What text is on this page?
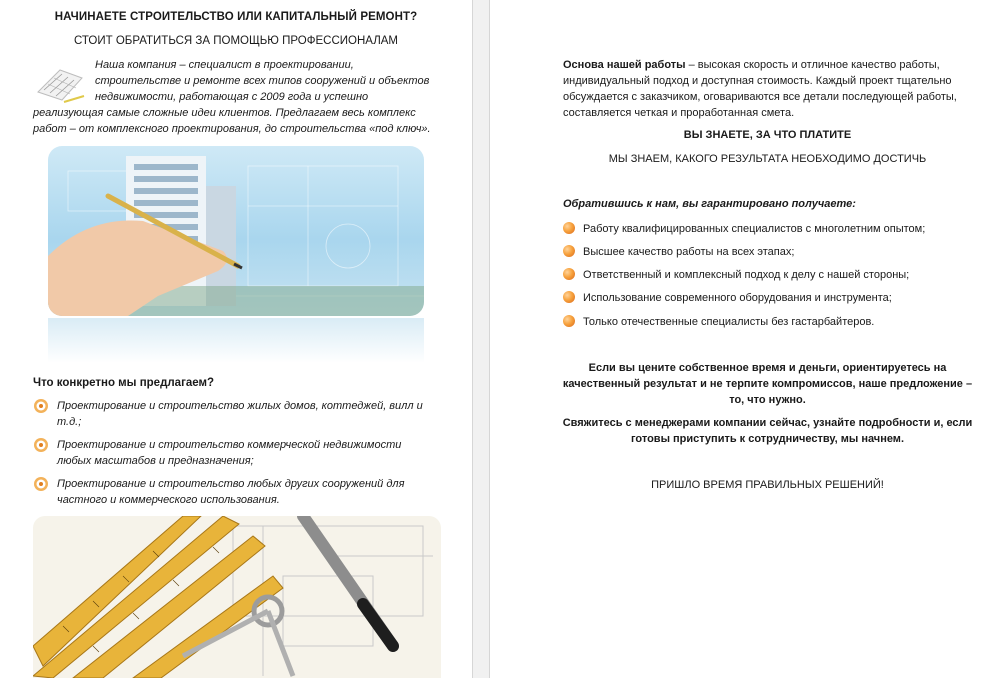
НАЧИНАЕТЕ СТРОИТЕЛЬСТВО ИЛИ КАПИТАЛЬНЫЙ РЕМОНТ?
СТОИТ ОБРАТИТЬСЯ ЗА ПОМОЩЬЮ ПРОФЕССИОНАЛАМ
Наша компания – специалист в проектировании,
строительстве и ремонте всех типов сооружений и объектов
недвижимости, работающая с 2009 года и успешно
реализующая самые сложные идеи клиентов. Предлагаем весь комплекс
работ – от комплексного проектирования, до строительства «под ключ».
Что конкретно мы предлагаем?
Проектирование и строительство жилых домов, коттеджей, вилл и
т.д.;
Проектирование и строительство коммерческой недвижимости
любых масштабов и предназначения;
Проектирование и строительство любых других сооружений для
частного и коммерческого использования.
Основа нашей работы – высокая скорость и отличное качество работы,
индивидуальный подход и доступная стоимость. Каждый проект тщательно
обсуждается с заказчиком, оговариваются все детали последующей работы,
составляется четкая и проработанная смета.
ВЫ ЗНАЕТЕ, ЗА ЧТО ПЛАТИТЕ
МЫ ЗНАЕМ, КАКОГО РЕЗУЛЬТАТА НЕОБХОДИМО ДОСТИЧЬ
Обратившись к нам, вы гарантировано получаете:
Работу квалифицированных специалистов с многолетним опытом;
Высшее качество работы на всех этапах;
Ответственный и комплексный подход к делу с нашей стороны;
Использование современного оборудования и инструмента;
Только отечественные специалисты без гастарбайтеров.
Если вы цените собственное время и деньги, ориентируетесь на
качественный результат и не терпите компромиссов, наше предложение –
то, что нужно.
Свяжитесь с менеджерами компании сейчас, узнайте подробности и, если
готовы приступить к сотрудничеству, мы начнем.
ПРИШЛО ВРЕМЯ ПРАВИЛЬНЫХ РЕШЕНИЙ!
